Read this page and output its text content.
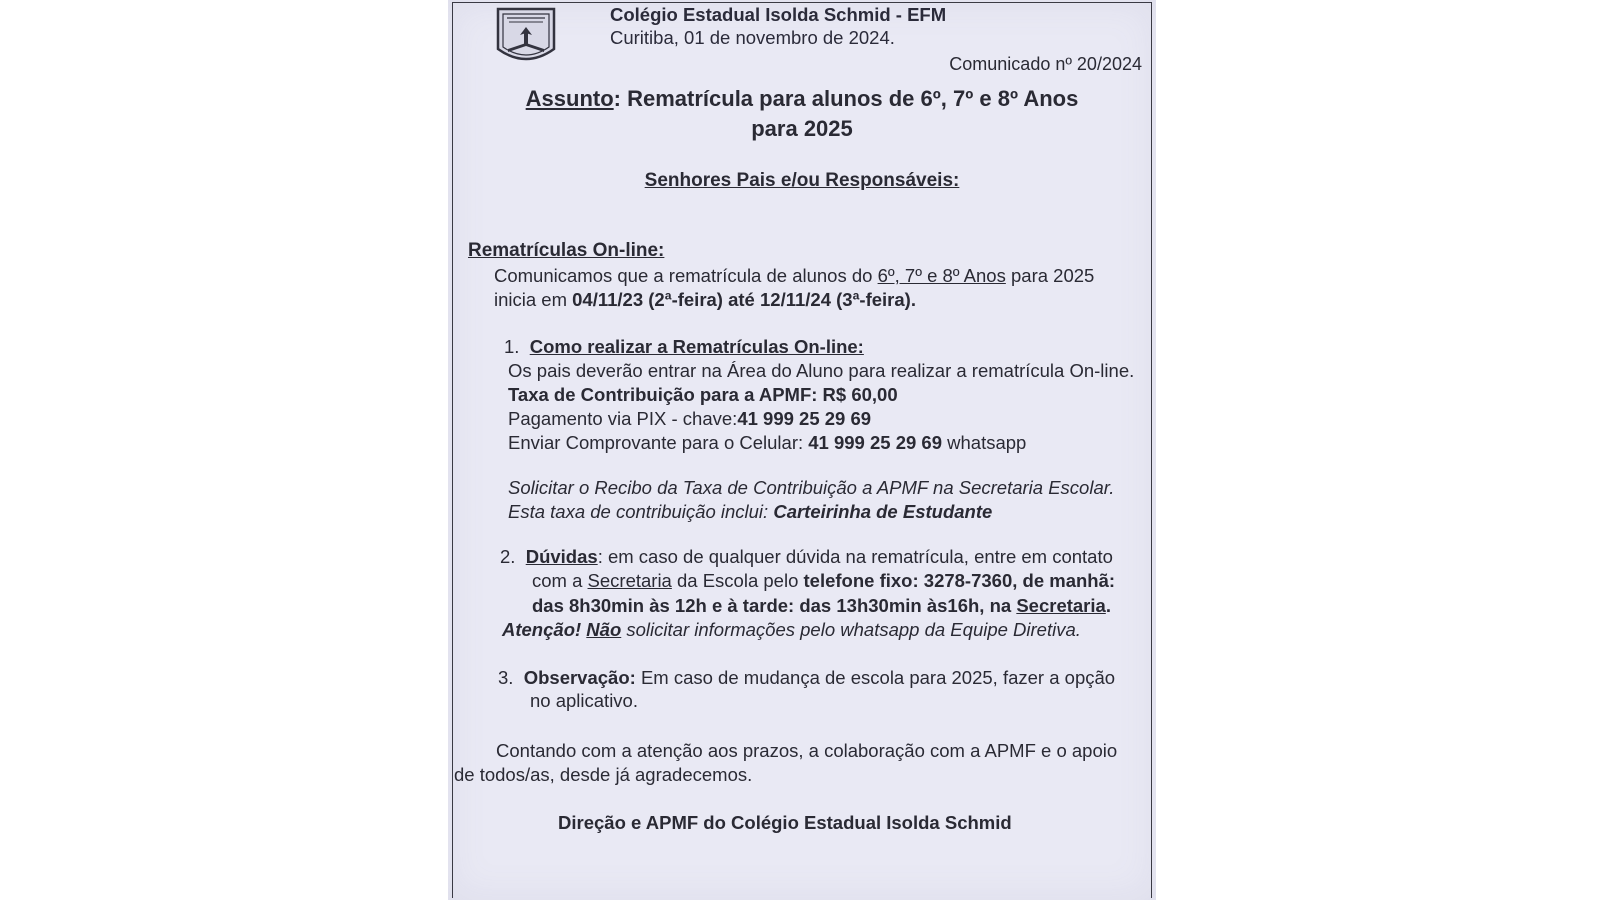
Colégio Estadual Isolda Schmid - EFM
Curitiba, 01 de novembro de 2024.
Comunicado nº 20/2024
Assunto: Rematrícula para alunos de 6º, 7º e 8º Anos
para 2025
Senhores Pais e/ou Responsáveis:
Rematrículas On-line:
Comunicamos que a rematrícula de alunos do 6º, 7º e 8º Anos para 2025
inicia em 04/11/23 (2ª-feira) até 12/11/24 (3ª-feira).
1. Como realizar a Rematrículas On-line:
Os pais deverão entrar na Área do Aluno para realizar a rematrícula On-line.
Taxa de Contribuição para a APMF: R$ 60,00
Pagamento via PIX - chave:41 999 25 29 69
Enviar Comprovante para o Celular: 41 999 25 29 69 whatsapp
Solicitar o Recibo da Taxa de Contribuição a APMF na Secretaria Escolar.
Esta taxa de contribuição inclui: Carteirinha de Estudante
2. Dúvidas: em caso de qualquer dúvida na rematrícula, entre em contato
com a Secretaria da Escola pelo telefone fixo: 3278-7360, de manhã:
das 8h30min às 12h e à tarde: das 13h30min às16h, na Secretaria.
Atenção! Não solicitar informações pelo whatsapp da Equipe Diretiva.
3. Observação: Em caso de mudança de escola para 2025, fazer a opção
no aplicativo.
Contando com a atenção aos prazos, a colaboração com a APMF e o apoio
de todos/as, desde já agradecemos.
Direção e APMF do Colégio Estadual Isolda Schmid
